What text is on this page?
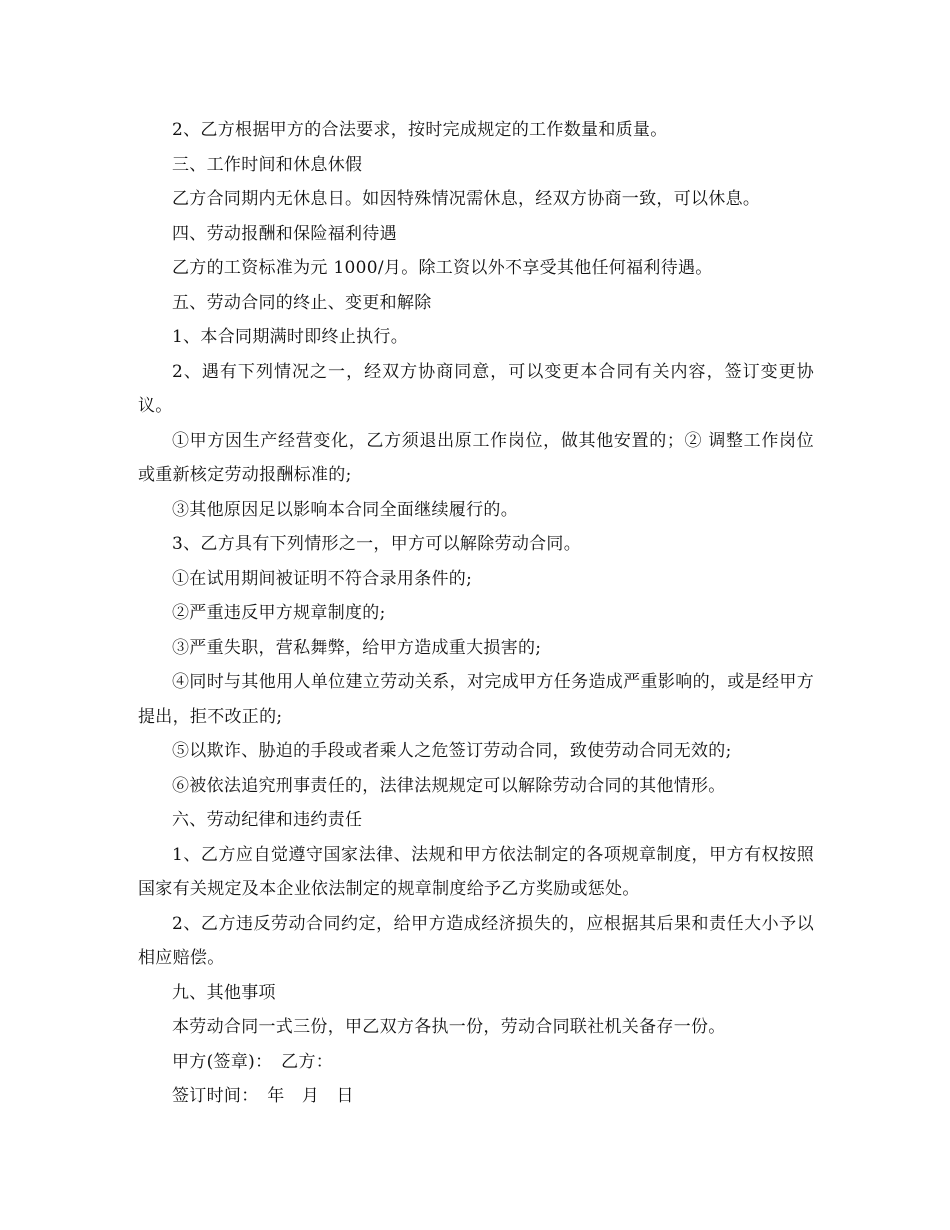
2、乙方根据甲方的合法要求，按时完成规定的工作数量和质量。

三、工作时间和休息休假

乙方合同期内无休息日。如因特殊情况需休息，经双方协商一致，可以休息。

四、劳动报酬和保险福利待遇

乙方的工资标准为元 1000/月。除工资以外不享受其他任何福利待遇。

五、劳动合同的终止、变更和解除

1、本合同期满时即终止执行。

2、遇有下列情况之一，经双方协商同意，可以变更本合同有关内容，签订变更协议。

①甲方因生产经营变化，乙方须退出原工作岗位，做其他安置的；② 调整工作岗位或重新核定劳动报酬标准的;

③其他原因足以影响本合同全面继续履行的。

3、乙方具有下列情形之一，甲方可以解除劳动合同。

①在试用期间被证明不符合录用条件的;

②严重违反甲方规章制度的;

③严重失职，营私舞弊，给甲方造成重大损害的;

④同时与其他用人单位建立劳动关系，对完成甲方任务造成严重影响的，或是经甲方提出，拒不改正的;

⑤以欺诈、胁迫的手段或者乘人之危签订劳动合同，致使劳动合同无效的;

⑥被依法追究刑事责任的，法律法规规定可以解除劳动合同的其他情形。

六、劳动纪律和违约责任

1、乙方应自觉遵守国家法律、法规和甲方依法制定的各项规章制度，甲方有权按照国家有关规定及本企业依法制定的规章制度给予乙方奖励或惩处。

2、乙方违反劳动合同约定，给甲方造成经济损失的，应根据其后果和责任大小予以相应赔偿。

九、其他事项

本劳动合同一式三份，甲乙双方各执一份，劳动合同联社机关备存一份。

甲方(签章)：　乙方：

签订时间：　年　月　日
